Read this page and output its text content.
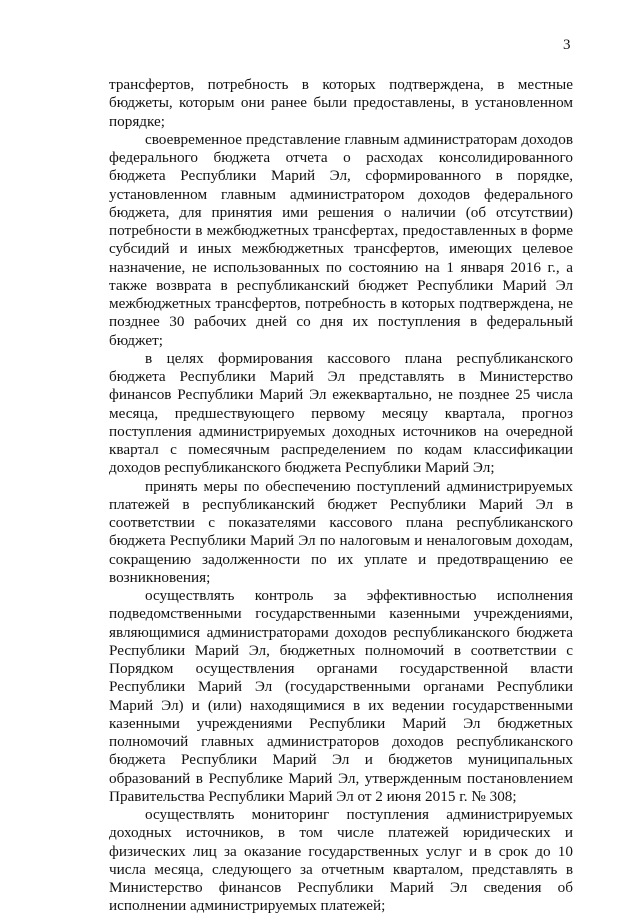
3

трансфертов, потребность в которых подтверждена, в местные бюджеты, которым они ранее были предоставлены, в установленном порядке;

своевременное представление главным администраторам доходов федерального бюджета отчета о расходах консолидированного бюджета Республики Марий Эл, сформированного в порядке, установленном главным администратором доходов федерального бюджета, для принятия ими решения о наличии (об отсутствии) потребности в межбюджетных трансфертах, предоставленных в форме субсидий и иных межбюджетных трансфертов, имеющих целевое назначение, не использованных по состоянию на 1 января 2016 г., а также возврата в республиканский бюджет Республики Марий Эл межбюджетных трансфертов, потребность в которых подтверждена, не позднее 30 рабочих дней со дня их поступления в федеральный бюджет;

в целях формирования кассового плана республиканского бюджета Республики Марий Эл представлять в Министерство финансов Республики Марий Эл ежеквартально, не позднее 25 числа месяца, предшествующего первому месяцу квартала, прогноз поступления администрируемых доходных источников на очередной квартал с помесячным распределением по кодам классификации доходов республиканского бюджета Республики Марий Эл;

принять меры по обеспечению поступлений администрируемых платежей в республиканский бюджет Республики Марий Эл в соответствии с показателями кассового плана республиканского бюджета Республики Марий Эл по налоговым и неналоговым доходам, сокращению задолженности по их уплате и предотвращению ее возникновения;

осуществлять контроль за эффективностью исполнения подведомственными государственными казенными учреждениями, являющимися администраторами доходов республиканского бюджета Республики Марий Эл, бюджетных полномочий в соответствии с Порядком осуществления органами государственной власти Республики Марий Эл (государственными органами Республики Марий Эл) и (или) находящимися в их ведении государственными казенными учреждениями Республики Марий Эл бюджетных полномочий главных администраторов доходов республиканского бюджета Республики Марий Эл и бюджетов муниципальных образований в Республике Марий Эл, утвержденным постановлением Правительства Республики Марий Эл от 2 июня 2015 г. № 308;

осуществлять мониторинг поступления администрируемых доходных источников, в том числе платежей юридических и физических лиц за оказание государственных услуг и в срок до 10 числа месяца, следующего за отчетным кварталом, представлять в Министерство финансов Республики Марий Эл сведения об исполнении администрируемых платежей;
